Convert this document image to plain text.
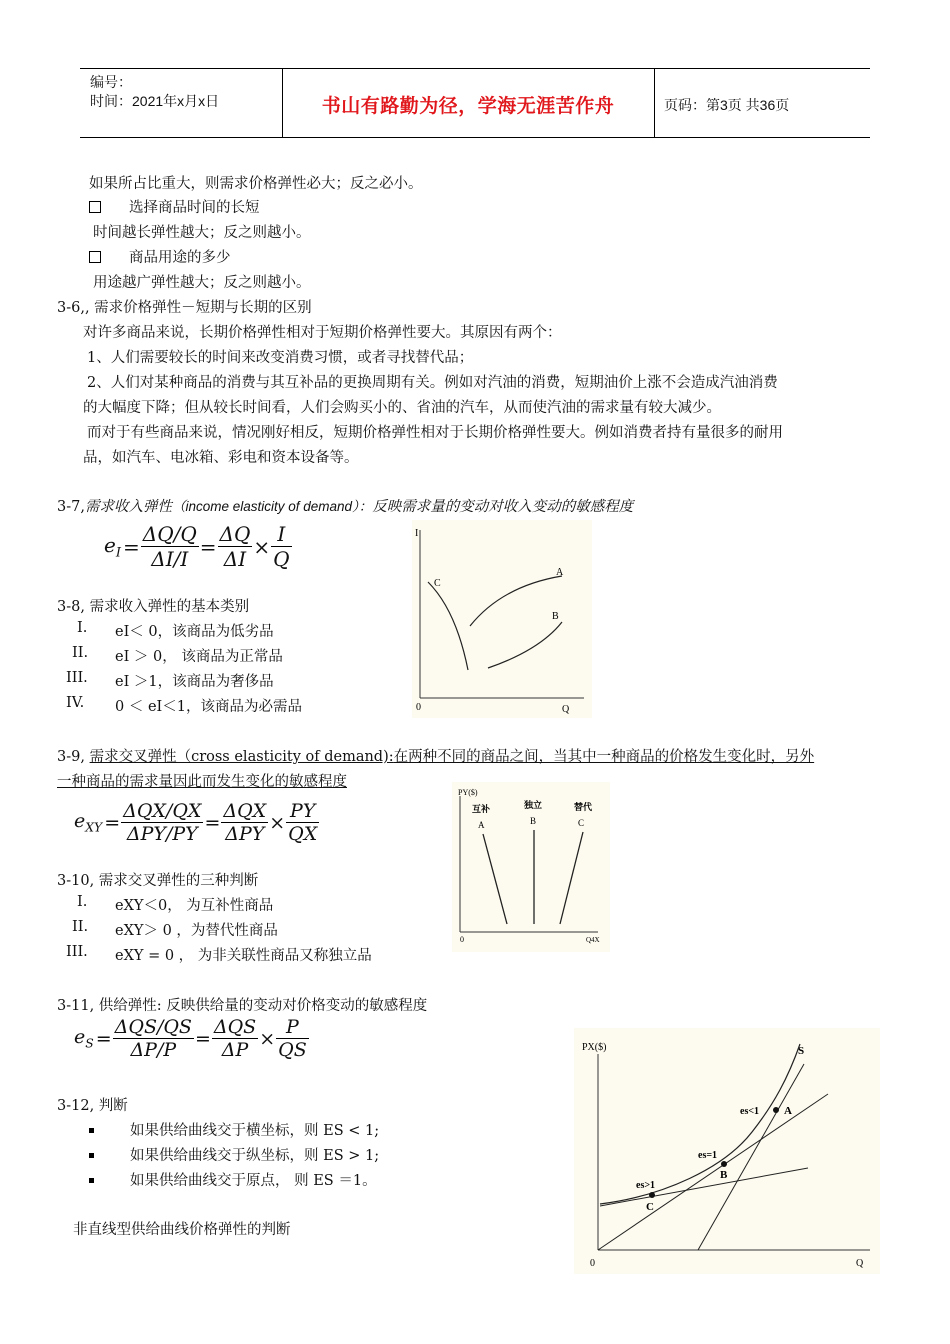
编号：
时间：2021年x月x日	书山有路勤为径，学海无涯苦作舟	页码：第3页 共36页
如果所占比重大，则需求价格弹性必大；反之必小。
选择商品时间的长短
时间越长弹性越大；反之则越小。
商品用途的多少
用途越广弹性越大；反之则越小。
3-6,, 需求价格弹性－短期与长期的区别
对许多商品来说，长期价格弹性相对于短期价格弹性要大。其原因有两个：
1、人们需要较长的时间来改变消费习惯，或者寻找替代品；
2、人们对某种商品的消费与其互补品的更换周期有关。例如对汽油的消费，短期油价上涨不会造成汽油消费
的大幅度下降；但从较长时间看，人们会购买小的、省油的汽车，从而使汽油的需求量有较大减少。
而对于有些商品来说，情况刚好相反，短期价格弹性相对于长期价格弹性要大。例如消费者持有量很多的耐用
品，如汽车、电冰箱、彩电和资本设备等。
3-7,需求收入弹性（income elasticity of demand）：反映需求量的变动对收入变动的敏感程度
$e_I = \frac{\Delta Q/Q}{\Delta I/I} = \frac{\Delta Q}{\Delta I} \times \frac{I}{Q}$	I
0	Q
C
A
B
3-8, 需求收入弹性的基本类别
I. eI＜ 0，该商品为低劣品
II. eI ＞ 0， 该商品为正常品
III. eI ＞1，该商品为奢侈品
IV. 0 ＜ eI＜1，该商品为必需品
3-9, 需求交叉弹性（cross elasticity of demand):在两种不同的商品之间，当其中一种商品的价格发生变化时，另外
一种商品的需求量因此而发生变化的敏感程度
$e_{XY} = \frac{\text{ΔQX/QX}}{\text{ΔPY/PY}} = \frac{\text{ΔQX}}{\text{ΔPY}} \times \frac{PY}{QX}$
PY($)
0	Q4X
互补	独立	替代
A	B	C
3-10, 需求交叉弹性的三种判断
I. eXY＜0， 为互补性商品
II. eXY＞ 0 ，为替代性商品
III. eXY = 0 ， 为非关联性商品又称独立品
3-11, 供给弹性: 反映供给量的变动对价格变动的敏感程度
$e_S = \frac{\text{ΔQS/QS}}{\Delta P/P} = \frac{\text{ΔQS}}{\Delta P} \times \frac{P}{QS}$
3-12, 判断
如果供给曲线交于横坐标，则 ES < 1;
如果供给曲线交于纵坐标，则 ES > 1;
如果供给曲线交于原点， 则 ES ＝1。
非直线型供给曲线价格弹性的判断
PX($)
0	Q
S
es<1 A
es=1
B
es>1
C
